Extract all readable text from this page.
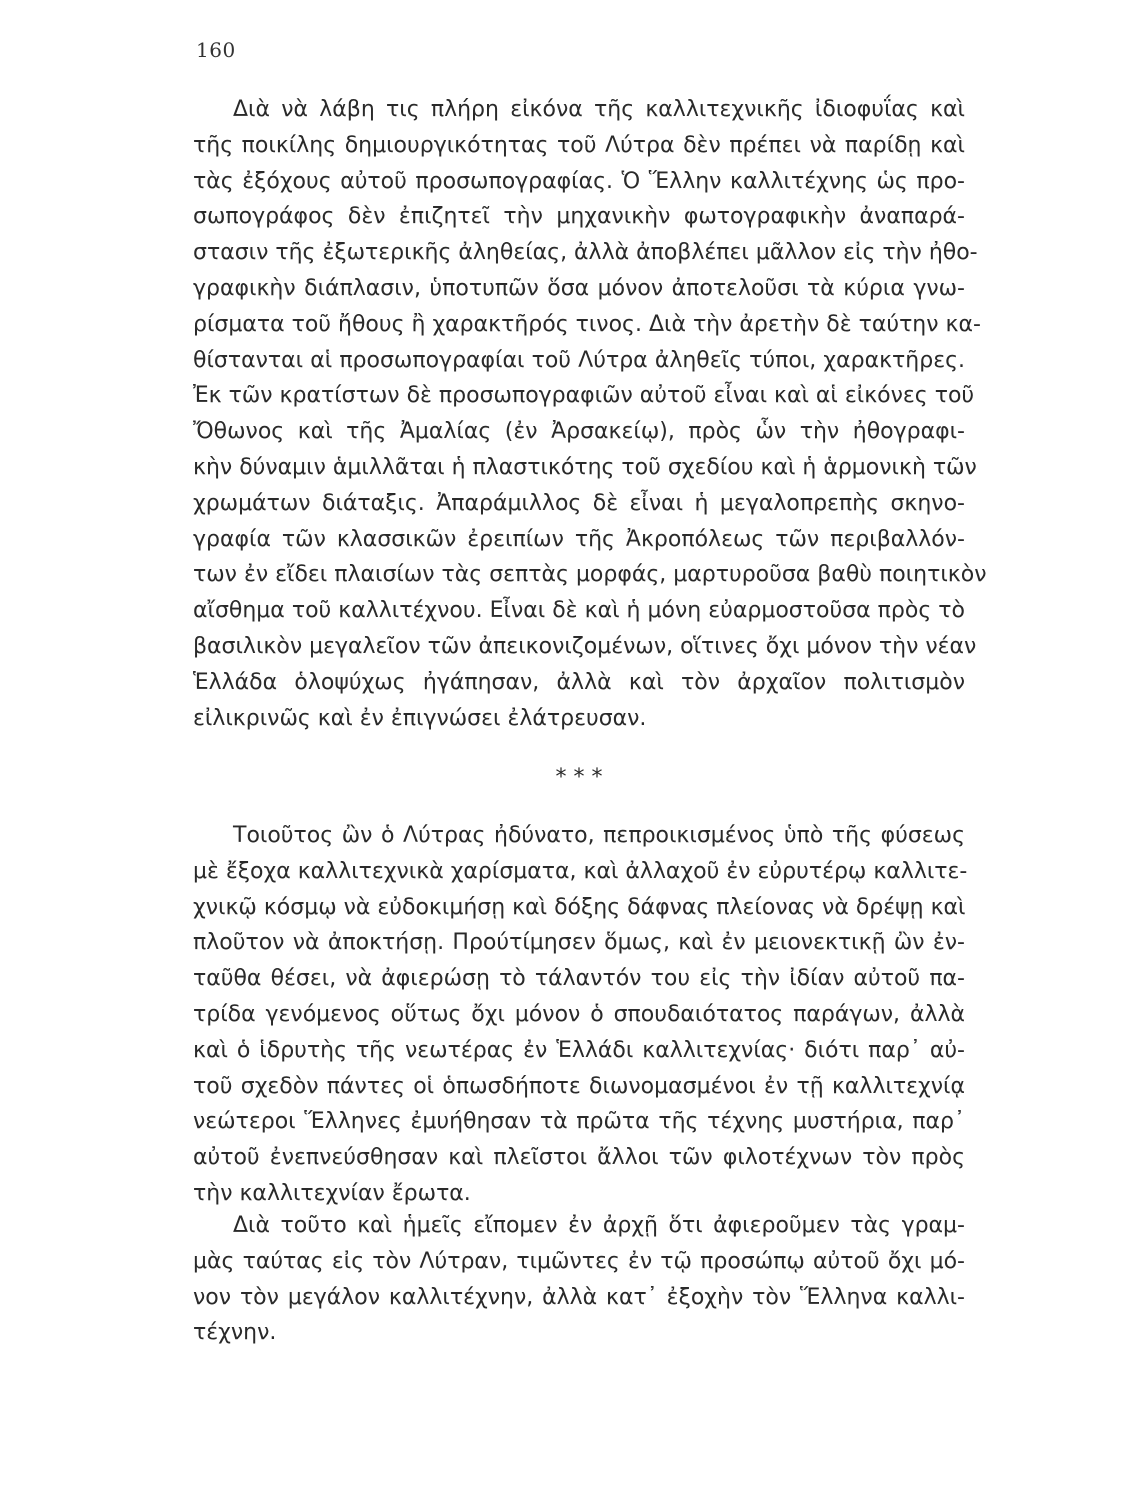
160
Διὰ νὰ λάβη τις πλήρη εἰκόνα τῆς καλλιτεχνικῆς ἰδιοφυΐας καὶ
τῆς ποικίλης δημιουργικότητας τοῦ Λύτρα δὲν πρέπει νὰ παρίδῃ καὶ
τὰς ἐξόχους αὐτοῦ προσωπογραφίας. Ὁ Ἕλλην καλλιτέχνης ὡς προ-
σωπογράφος δὲν ἐπιζητεῖ τὴν μηχανικὴν φωτογραφικὴν ἀναπαρά-
στασιν τῆς ἐξωτερικῆς ἀληθείας, ἀλλὰ ἀποβλέπει μᾶλλον εἰς τὴν ἠθο-
γραφικὴν διάπλασιν, ὑποτυπῶν ὅσα μόνον ἀποτελοῦσι τὰ κύρια γνω-
ρίσματα τοῦ ἤθους ἢ χαρακτῆρός τινος. Διὰ τὴν ἀρετὴν δὲ ταύτην κα-
θίστανται αἱ προσωπογραφίαι τοῦ Λύτρα ἀληθεῖς τύποι, χαρακτῆρες.
Ἐκ τῶν κρατίστων δὲ προσωπογραφιῶν αὐτοῦ εἶναι καὶ αἱ εἰκόνες τοῦ
Ὄθωνος καὶ τῆς Ἀμαλίας (ἐν Ἀρσακείῳ), πρὸς ὧν τὴν ἠθογραφι-
κὴν δύναμιν ἁμιλλᾶται ἡ πλαστικότης τοῦ σχεδίου καὶ ἡ ἁρμονικὴ τῶν
χρωμάτων διάταξις. Ἀπαράμιλλος δὲ εἶναι ἡ μεγαλοπρεπὴς σκηνο-
γραφία τῶν κλασσικῶν ἐρειπίων τῆς Ἀκροπόλεως τῶν περιβαλλόν-
των ἐν εἴδει πλαισίων τὰς σεπτὰς μορφάς, μαρτυροῦσα βαθὺ ποιητικὸν
αἴσθημα τοῦ καλλιτέχνου. Εἶναι δὲ καὶ ἡ μόνη εὐαρμοστοῦσα πρὸς τὸ
βασιλικὸν μεγαλεῖον τῶν ἀπεικονιζομένων, οἵτινες ὄχι μόνον τὴν νέαν
Ἑλλάδα ὁλοψύχως ἠγάπησαν, ἀλλὰ καὶ τὸν ἀρχαῖον πολιτισμὸν
εἰλικρινῶς καὶ ἐν ἐπιγνώσει ἐλάτρευσαν.
* * *
Τοιοῦτος ὢν ὁ Λύτρας ἠδύνατο, πεπροικισμένος ὑπὸ τῆς φύσεως
μὲ ἔξοχα καλλιτεχνικὰ χαρίσματα, καὶ ἀλλαχοῦ ἐν εὐρυτέρῳ καλλιτε-
χνικῷ κόσμῳ νὰ εὐδοκιμήσῃ καὶ δόξης δάφνας πλείονας νὰ δρέψῃ καὶ
πλοῦτον νὰ ἀποκτήσῃ. Προύτίμησεν ὅμως, καὶ ἐν μειονεκτικῇ ὢν ἐν-
ταῦθα θέσει, νὰ ἀφιερώσῃ τὸ τάλαντόν του εἰς τὴν ἰδίαν αὐτοῦ πα-
τρίδα γενόμενος οὕτως ὄχι μόνον ὁ σπουδαιότατος παράγων, ἀλλὰ
καὶ ὁ ἱδρυτὴς τῆς νεωτέρας ἐν Ἑλλάδι καλλιτεχνίας· διότι παρ᾽ αὐ-
τοῦ σχεδὸν πάντες οἱ ὁπωσδήποτε διωνομασμένοι ἐν τῇ καλλιτεχνίᾳ
νεώτεροι Ἕλληνες ἐμυήθησαν τὰ πρῶτα τῆς τέχνης μυστήρια, παρ᾽
αὐτοῦ ἐνεπνεύσθησαν καὶ πλεῖστοι ἄλλοι τῶν φιλοτέχνων τὸν πρὸς
τὴν καλλιτεχνίαν ἔρωτα.
Διὰ τοῦτο καὶ ἡμεῖς εἴπομεν ἐν ἀρχῇ ὅτι ἀφιεροῦμεν τὰς γραμ-
μὰς ταύτας εἰς τὸν Λύτραν, τιμῶντες ἐν τῷ προσώπῳ αὐτοῦ ὄχι μό-
νον τὸν μεγάλον καλλιτέχνην, ἀλλὰ κατ᾽ ἐξοχὴν τὸν Ἕλληνα καλλι-
τέχνην.
